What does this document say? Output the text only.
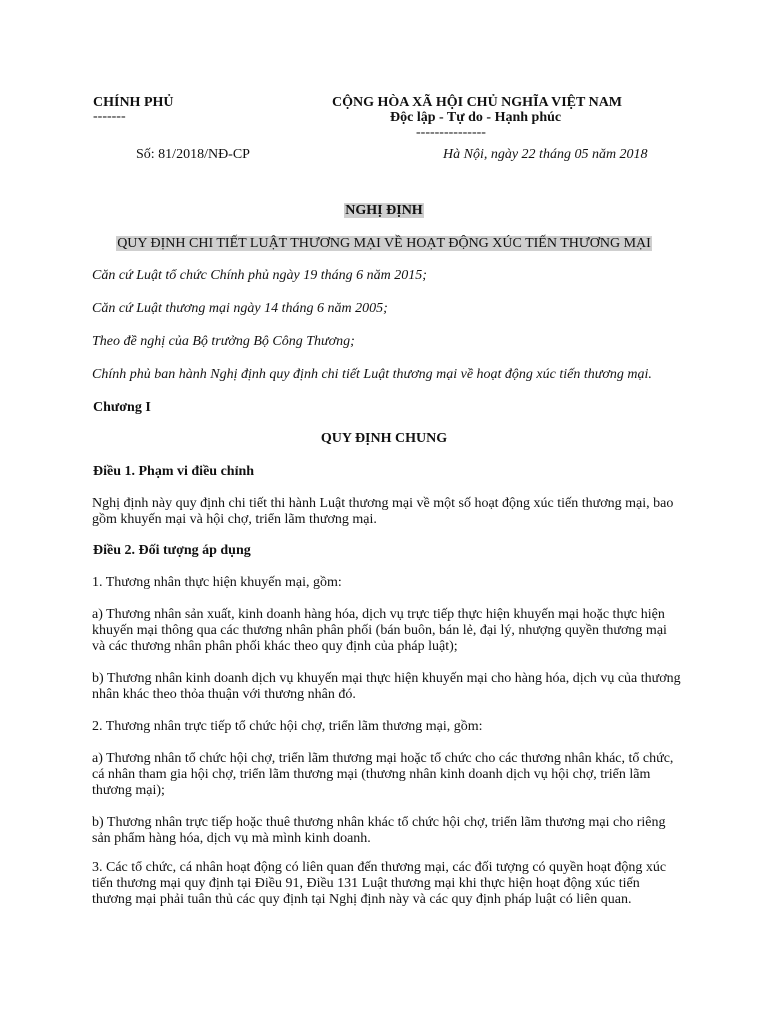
CHÍNH PHỦ
-------
CỘNG HÒA XÃ HỘI CHỦ NGHĨA VIỆT NAM
Độc lập - Tự do - Hạnh phúc
---------------
Số: 81/2018/NĐ-CP	Hà Nội, ngày 22 tháng 05 năm 2018
NGHỊ ĐỊNH
QUY ĐỊNH CHI TIẾT LUẬT THƯƠNG MẠI VỀ HOẠT ĐỘNG XÚC TIẾN THƯƠNG MẠI

Căn cứ Luật tổ chức Chính phủ ngày 19 tháng 6 năm 2015;

Căn cứ Luật thương mại ngày 14 tháng 6 năm 2005;

Theo đề nghị của Bộ trưởng Bộ Công Thương;

Chính phủ ban hành Nghị định quy định chi tiết Luật thương mại về hoạt động xúc tiến thương mại.

Chương I
QUY ĐỊNH CHUNG
Điều 1. Phạm vi điều chỉnh

Nghị định này quy định chi tiết thi hành Luật thương mại về một số hoạt động xúc tiến thương mại, bao gồm khuyến mại và hội chợ, triển lãm thương mại.

Điều 2. Đối tượng áp dụng

1. Thương nhân thực hiện khuyến mại, gồm:

a) Thương nhân sản xuất, kinh doanh hàng hóa, dịch vụ trực tiếp thực hiện khuyến mại hoặc thực hiện khuyến mại thông qua các thương nhân phân phối (bán buôn, bán lẻ, đại lý, nhượng quyền thương mại và các thương nhân phân phối khác theo quy định của pháp luật);

b) Thương nhân kinh doanh dịch vụ khuyến mại thực hiện khuyến mại cho hàng hóa, dịch vụ của thương nhân khác theo thỏa thuận với thương nhân đó.

2. Thương nhân trực tiếp tổ chức hội chợ, triển lãm thương mại, gồm:

a) Thương nhân tổ chức hội chợ, triển lãm thương mại hoặc tổ chức cho các thương nhân khác, tổ chức, cá nhân tham gia hội chợ, triển lãm thương mại (thương nhân kinh doanh dịch vụ hội chợ, triển lãm thương mại);

b) Thương nhân trực tiếp hoặc thuê thương nhân khác tổ chức hội chợ, triển lãm thương mại cho riêng sản phẩm hàng hóa, dịch vụ mà mình kinh doanh.

3. Các tổ chức, cá nhân hoạt động có liên quan đến thương mại, các đối tượng có quyền hoạt động xúc tiến thương mại quy định tại Điều 91, Điều 131 Luật thương mại khi thực hiện hoạt động xúc tiến thương mại phải tuân thủ các quy định tại Nghị định này và các quy định pháp luật có liên quan.
